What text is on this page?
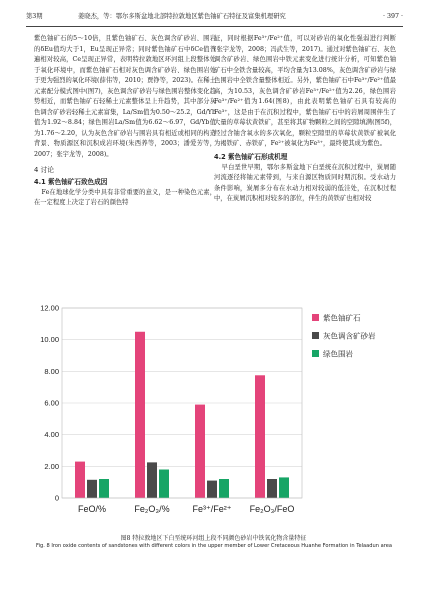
第3期	姜晓杰，等：鄂尔多斯盆地北部特拉敦地区紫色铀矿石特征及富集机理研究	· 397 ·

紫色铀矿石的5～10倍，且紫色铀矿石、灰色调含矿砂岩、围岩的δEu值均大于1，Eu呈现正异常；同时紫色铀矿石中δCe值普遍相对较高，Ce呈现正异常，表明特拉敦地区环河组上段整体处于氧化环境中，而紫色铀矿石相对灰色调含矿砂岩、绿色围岩处于更为强烈的氧化环境(薛伟等，2010；贾铮等，2023)。在稀土元素配分模式图中(图7)，灰色调含矿砂岩与绿色围岩整体变化趋势相近，而紫色铀矿石轻稀土元素整体呈上升趋势，其中部分灰色调含矿砂岩轻稀土元素富集，La/Sm值为0.50～25.2，Gd/Yb值为1.92～8.84；绿色围岩La/Sm值为6.62～6.97，Gd/Yb值为1.76～2.20，认为灰色含矿砂岩与围岩具有相近或相同的构造背景、物质源区和沉积成岩环境(朱西养等，2003；潘爱芳等，2007；张宇龙等，2008)。

4 讨论

4.1 紫色铀矿石致色成因

Fe在地球化学分类中具有非常重要的意义，是一种染色元素，在一定程度上决定了岩石的颜色特

征，同时根据Fe³⁺/Fe²⁺值，可以对砂岩的氧化性强弱进行判断(张宇龙等，2008；冯武生等，2017)。通过对紫色铀矿石、灰色调含矿砂岩、绿色围岩中铁元素变化进行统计分析，可知紫色铀矿石中全铁含量较高，平均含量为13.08%，灰色调含矿砂岩与绿色围岩中全铁含量整体相近。另外，紫色铀矿石中Fe³⁺/Fe²⁺值最高，为10.53，灰色调含矿砂岩Fe³⁺/Fe²⁺值为2.26，绿色围岩Fe³⁺/Fe²⁺值为1.64(图8)，由此表明紫色铀矿石具有较高的Fe³⁺，这是由于在沉积过程中，紫色铀矿石中的岩屑周围伴生了大量的草莓状黄铁矿，甚至将其矿物颗粒之间的空隙填满(图5f)，经过含铀含氧水的多次氧化，颗粒空隙里的草莓状黄铁矿被氧化为褐铁矿、赤铁矿，Fe²⁺被氧化为Fe³⁺，最终使其成为紫色。

4.2 紫色铀矿石形成机理

早白垩世早期，鄂尔多斯盆地下白垩统在沉积过程中，炭屑随河流逐径将铀元素带到，与来自源区物质同时期沉积。受水动力条件影响，炭屑多分布在水动力相对较弱的低洼处，在沉积过程中，在炭屑沉积相对较多的部位，伴生的黄铁矿也相对较

0
2.00
4.00
6.00
8.00
10.00
12.00
FeO/%	Fe₂O₃/%	Fe³⁺/Fe²⁺ Fe₂O₃/FeO
紫色铀矿石
灰色调含矿砂岩
绿色围岩
图8 特拉敦地区下白垩统环河组上段不同颜色砂岩中铁氧化物含量特征
Fig. 8 Iron oxide contents of sandstones with different colors in the upper member of Lower Cretaceous Huanhe Formation in Telaadun area
